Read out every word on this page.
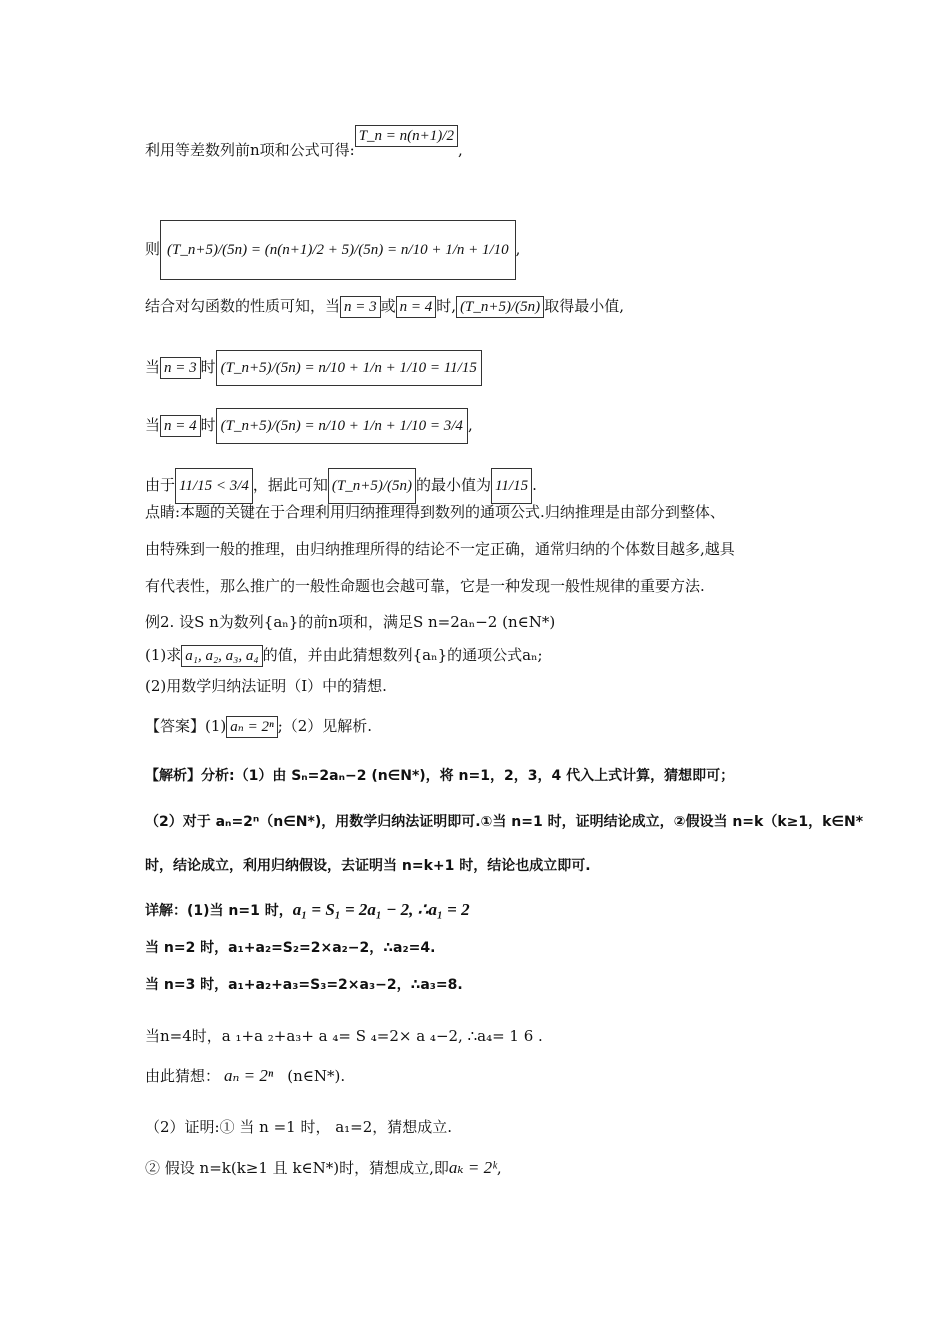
利用等差数列前n项和公式可得:T_n = n(n+1)/2,
则 (T_n+5)/(5n) = (n(n+1)/2 + 5)/(5n) = n/10 + 1/n + 1/10 ,
结合对勾函数的性质可知，当 n = 3 或 n = 4 时, (T_n+5)/(5n) 取得最小值,
当 n = 3 时 (T_n+5)/(5n) = n/10 + 1/n + 1/10 = 11/15
当 n = 4 时 (T_n+5)/(5n) = n/10 + 1/n + 1/10 = 3/4 ,
由于 11/15 < 3/4 ，据此可知 (T_n+5)/(5n) 的最小值为 11/15 .
点睛:本题的关键在于合理利用归纳推理得到数列的通项公式.归纳推理是由部分到整体、
由特殊到一般的推理，由归纳推理所得的结论不一定正确，通常归纳的个体数目越多,越具
有代表性，那么推广的一般性命题也会越可靠，它是一种发现一般性规律的重要方法.
例2. 设S n为数列{aₙ}的前n项和，满足S n=2aₙ−2 (n∈N*)
(1)求 a₁, a₂, a₃, a₄ 的值，并由此猜想数列{aₙ}的通项公式aₙ;
(2)用数学归纳法证明（Ⅰ）中的猜想.
【答案】(1) aₙ = 2ⁿ ;（2）见解析.
【解析】分析:（1）由 Sₙ=2aₙ−2 (n∈N*)，将 n=1，2，3，4 代入上式计算，猜想即可；
（2）对于 aₙ=2ⁿ（n∈N*)，用数学归纳法证明即可.①当 n=1 时，证明结论成立，②假设当 n=k（k≥1，k∈N*
时，结论成立，利用归纳假设，去证明当 n=k+1 时，结论也成立即可.
详解：(1)当 n=1 时，a₁ = S₁ = 2a₁ − 2, ∴a₁ = 2
当 n=2 时，a₁+a₂=S₂=2×a₂−2，∴a₂=4.
当 n=3 时，a₁+a₂+a₃=S₃=2×a₃−2，∴a₃=8.
当n=4时，a ₁+a ₂+a₃+ a ₄= S ₄=2× a ₄−2, ∴a₄= 1 6 .
由此猜想： aₙ = 2ⁿ (n∈N*).
（2）证明:① 当 n =1 时， a₁=2，猜想成立.
② 假设 n=k(k≥1 且 k∈N*)时，猜想成立,即aₖ = 2ᵏ,
